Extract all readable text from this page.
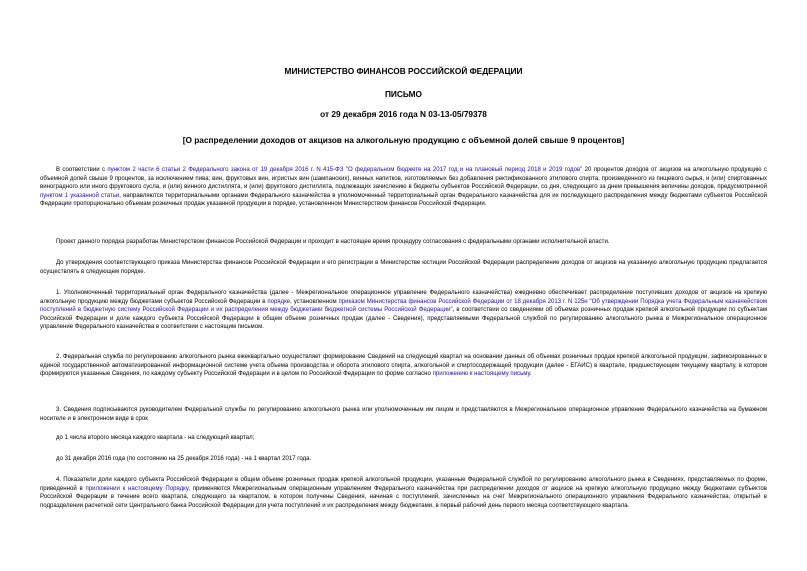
МИНИСТЕРСТВО ФИНАНСОВ РОССИЙСКОЙ ФЕДЕРАЦИИ
ПИСЬМО
от 29 декабря 2016 года N 03-13-05/79378
[О распределении доходов от акцизов на алкогольную продукцию с объемной долей свыше 9 процентов]

В соответствии с пунктом 2 части 6 статьи 2 Федерального закона от 19 декабря 2016 г. N 415-ФЗ "О федеральном бюджете на 2017 год и на плановый период 2018 и 2019 годов" 20 процентов доходов от акцизов на алкогольную продукцию с объемной долей свыше 9 процентов, за исключением пива; вин, фруктовых вин, игристых вин (шампанских), винных напитков, изготовляемых без добавления ректификованного этилового спирта, произведенного из пищевого сырья, и (или) спиртованных виноградного или иного фруктового сусла, и (или) винного дистиллята, и (или) фруктового дистиллята, подлежащих зачислению в бюджеты субъектов Российской Федерации, со дня, следующего за днем превышения величины доходов, предусмотренной пунктом 1 указанной статьи, направляются территориальными органами Федерального казначейства в уполномоченный территориальный орган Федерального казначейства для их последующего распределения между бюджетами субъектов Российской Федерации пропорционально объемам розничных продаж указанной продукции в порядке, установленном Министерством финансов Российской Федерации.

Проект данного порядка разработан Министерством финансов Российской Федерации и проходит в настоящее время процедуру согласования с федеральными органами исполнительной власти.

До утверждения соответствующего приказа Министерства финансов Российской Федерации и его регистрации в Министерстве юстиции Российской Федерации распределение доходов от акцизов на указанную алкогольную продукцию предлагается осуществлять в следующем порядке.

1. Уполномоченный территориальный орган Федерального казначейства (далее - Межрегиональное операционное управление Федерального казначейства) ежедневно обеспечивает распределение поступивших доходов от акцизов на крепкую алкогольную продукцию между бюджетами субъектов Российской Федерации в порядке, установленном приказом Министерства финансов Российской Федерации от 18 декабря 2013 г. N 125н "Об утверждении Порядка учета Федеральным казначейством поступлений в бюджетную систему Российской Федерации и их распределения между бюджетами бюджетной системы Российской Федерации", в соответствии со сведениями об объемах розничных продаж крепкой алкогольной продукции по субъектам Российской Федерации и доле каждого субъекта Российской Федерации в общем объеме розничных продаж (далее - Сведения), представляемыми Федеральной службой по регулированию алкогольного рынка в Межрегиональное операционное управление Федерального казначейства в соответствии с настоящим письмом.

2. Федеральная служба по регулированию алкогольного рынка ежеквартально осуществляет формирование Сведений на следующий квартал на основании данных об объемах розничных продаж крепкой алкогольной продукции, зафиксированных в единой государственной автоматизированной информационной системе учета объема производства и оборота этилового спирта, алкогольной и спиртосодержащей продукции (далее - ЕГАИС) в квартале, предшествующем текущему кварталу, в котором формируются указанные Сведения, по каждому субъекту Российской Федерации и в целом по Российской Федерации по форме согласно приложению к настоящему письму.

3. Сведения подписываются руководителем Федеральной службы по регулированию алкогольного рынка или уполномоченным им лицом и представляются в Межрегиональное операционное управление Федерального казначейства на бумажном носителе и в электронном виде в срок

до 1 числа второго месяца каждого квартала - на следующий квартал;

до 31 декабря 2016 года (по состоянию на 25 декабря 2016 года) - на 1 квартал 2017 года.

4. Показатели доли каждого субъекта Российской Федерации в общем объеме розничных продаж крепкой алкогольной продукции, указанные Федеральной службой по регулированию алкогольного рынка в Сведениях, представляемых по форме, приведенной в приложении к настоящему Порядку, применяются Межрегиональным операционным управлением Федерального казначейства при распределении доходов от акцизов на крепкую алкогольную продукцию между бюджетами субъектов Российской Федерации в течение всего квартала, следующего за кварталом, в котором получены Сведения, начиная с поступлений, зачисленных на счет Межрегионального операционного управления Федерального казначейства, открытый в подразделении расчетной сети Центрального банка Российской Федерации для учета поступлений и их распределения между бюджетами, в первый рабочий день первого месяца соответствующего квартала.
